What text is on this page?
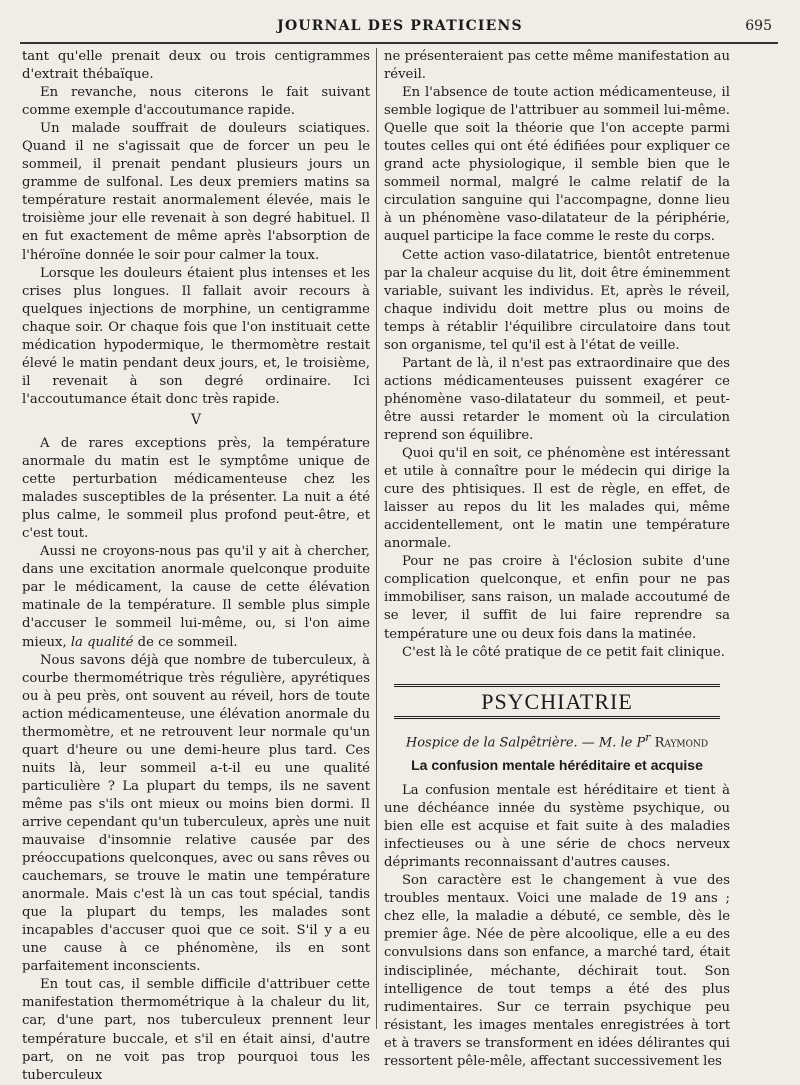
JOURNAL DES PRATICIENS	695

tant qu'elle prenait deux ou trois centigrammes d'extrait thébaïque.

En revanche, nous citerons le fait suivant comme exemple d'accoutumance rapide.

Un malade souffrait de douleurs sciatiques. Quand il ne s'agissait que de forcer un peu le sommeil, il prenait pendant plusieurs jours un gramme de sulfonal. Les deux premiers matins sa température restait anormalement élevée, mais le troisième jour elle revenait à son degré habituel. Il en fut exactement de même après l'absorption de l'héroïne donnée le soir pour calmer la toux.

Lorsque les douleurs étaient plus intenses et les crises plus longues. Il fallait avoir recours à quelques injections de morphine, un centigramme chaque soir. Or chaque fois que l'on instituait cette médication hypodermique, le thermomètre restait élevé le matin pendant deux jours, et, le troisième, il revenait à son degré ordinaire. Ici l'accoutumance était donc très rapide.

V

A de rares exceptions près, la température anormale du matin est le symptôme unique de cette perturbation médicamenteuse chez les malades susceptibles de la présenter. La nuit a été plus calme, le sommeil plus profond peut-être, et c'est tout.

Aussi ne croyons-nous pas qu'il y ait à chercher, dans une excitation anormale quelconque produite par le médicament, la cause de cette élévation matinale de la température. Il semble plus simple d'accuser le sommeil lui-même, ou, si l'on aime mieux, la qualité de ce sommeil.

Nous savons déjà que nombre de tuberculeux, à courbe thermométrique très régulière, apyrétiques ou à peu près, ont souvent au réveil, hors de toute action médicamenteuse, une élévation anormale du thermomètre, et ne retrouvent leur normale qu'un quart d'heure ou une demi-heure plus tard. Ces nuits là, leur sommeil a-t-il eu une qualité particulière ? La plupart du temps, ils ne savent même pas s'ils ont mieux ou moins bien dormi. Il arrive cependant qu'un tuberculeux, après une nuit mauvaise d'insomnie relative causée par des préoccupations quelconques, avec ou sans rêves ou cauchemars, se trouve le matin une température anormale. Mais c'est là un cas tout spécial, tandis que la plupart du temps, les malades sont incapables d'accuser quoi que ce soit. S'il y a eu une cause à ce phénomène, ils en sont parfaitement inconscients.

En tout cas, il semble difficile d'attribuer cette manifestation thermométrique à la chaleur du lit, car, d'une part, nos tuberculeux prennent leur température buccale, et s'il en était ainsi, d'autre part, on ne voit pas trop pourquoi tous les tuberculeux

ne présenteraient pas cette même manifestation au réveil.

En l'absence de toute action médicamenteuse, il semble logique de l'attribuer au sommeil lui-même. Quelle que soit la théorie que l'on accepte parmi toutes celles qui ont été édifiées pour expliquer ce grand acte physiologique, il semble bien que le sommeil normal, malgré le calme relatif de la circulation sanguine qui l'accompagne, donne lieu à un phénomène vaso-dilatateur de la périphérie, auquel participe la face comme le reste du corps.

Cette action vaso-dilatatrice, bientôt entretenue par la chaleur acquise du lit, doit être éminemment variable, suivant les individus. Et, après le réveil, chaque individu doit mettre plus ou moins de temps à rétablir l'équilibre circulatoire dans tout son organisme, tel qu'il est à l'état de veille.

Partant de là, il n'est pas extraordinaire que des actions médicamenteuses puissent exagérer ce phénomène vaso-dilatateur du sommeil, et peut-être aussi retarder le moment où la circulation reprend son équilibre.

Quoi qu'il en soit, ce phénomène est intéressant et utile à connaître pour le médecin qui dirige la cure des phtisiques. Il est de règle, en effet, de laisser au repos du lit les malades qui, même accidentellement, ont le matin une température anormale.

Pour ne pas croire à l'éclosion subite d'une complication quelconque, et enfin pour ne pas immobiliser, sans raison, un malade accoutumé de se lever, il suffit de lui faire reprendre sa température une ou deux fois dans la matinée.

C'est là le côté pratique de ce petit fait clinique.

PSYCHIATRIE
Hospice de la Salpêtrière. — M. le $P^r$ Raymond
La confusion mentale héréditaire et acquise

La confusion mentale est héréditaire et tient à une déchéance innée du système psychique, ou bien elle est acquise et fait suite à des maladies infectieuses ou à une série de chocs nerveux déprimants reconnaissant d'autres causes.

Son caractère est le changement à vue des troubles mentaux. Voici une malade de 19 ans ; chez elle, la maladie a débuté, ce semble, dès le premier âge. Née de père alcoolique, elle a eu des convulsions dans son enfance, a marché tard, était indisciplinée, méchante, déchirait tout. Son intelligence de tout temps a été des plus rudimentaires. Sur ce terrain psychique peu résistant, les images mentales enregistrées à tort et à travers se transforment en idées délirantes qui ressortent pêle-mêle, affectant successivement les
